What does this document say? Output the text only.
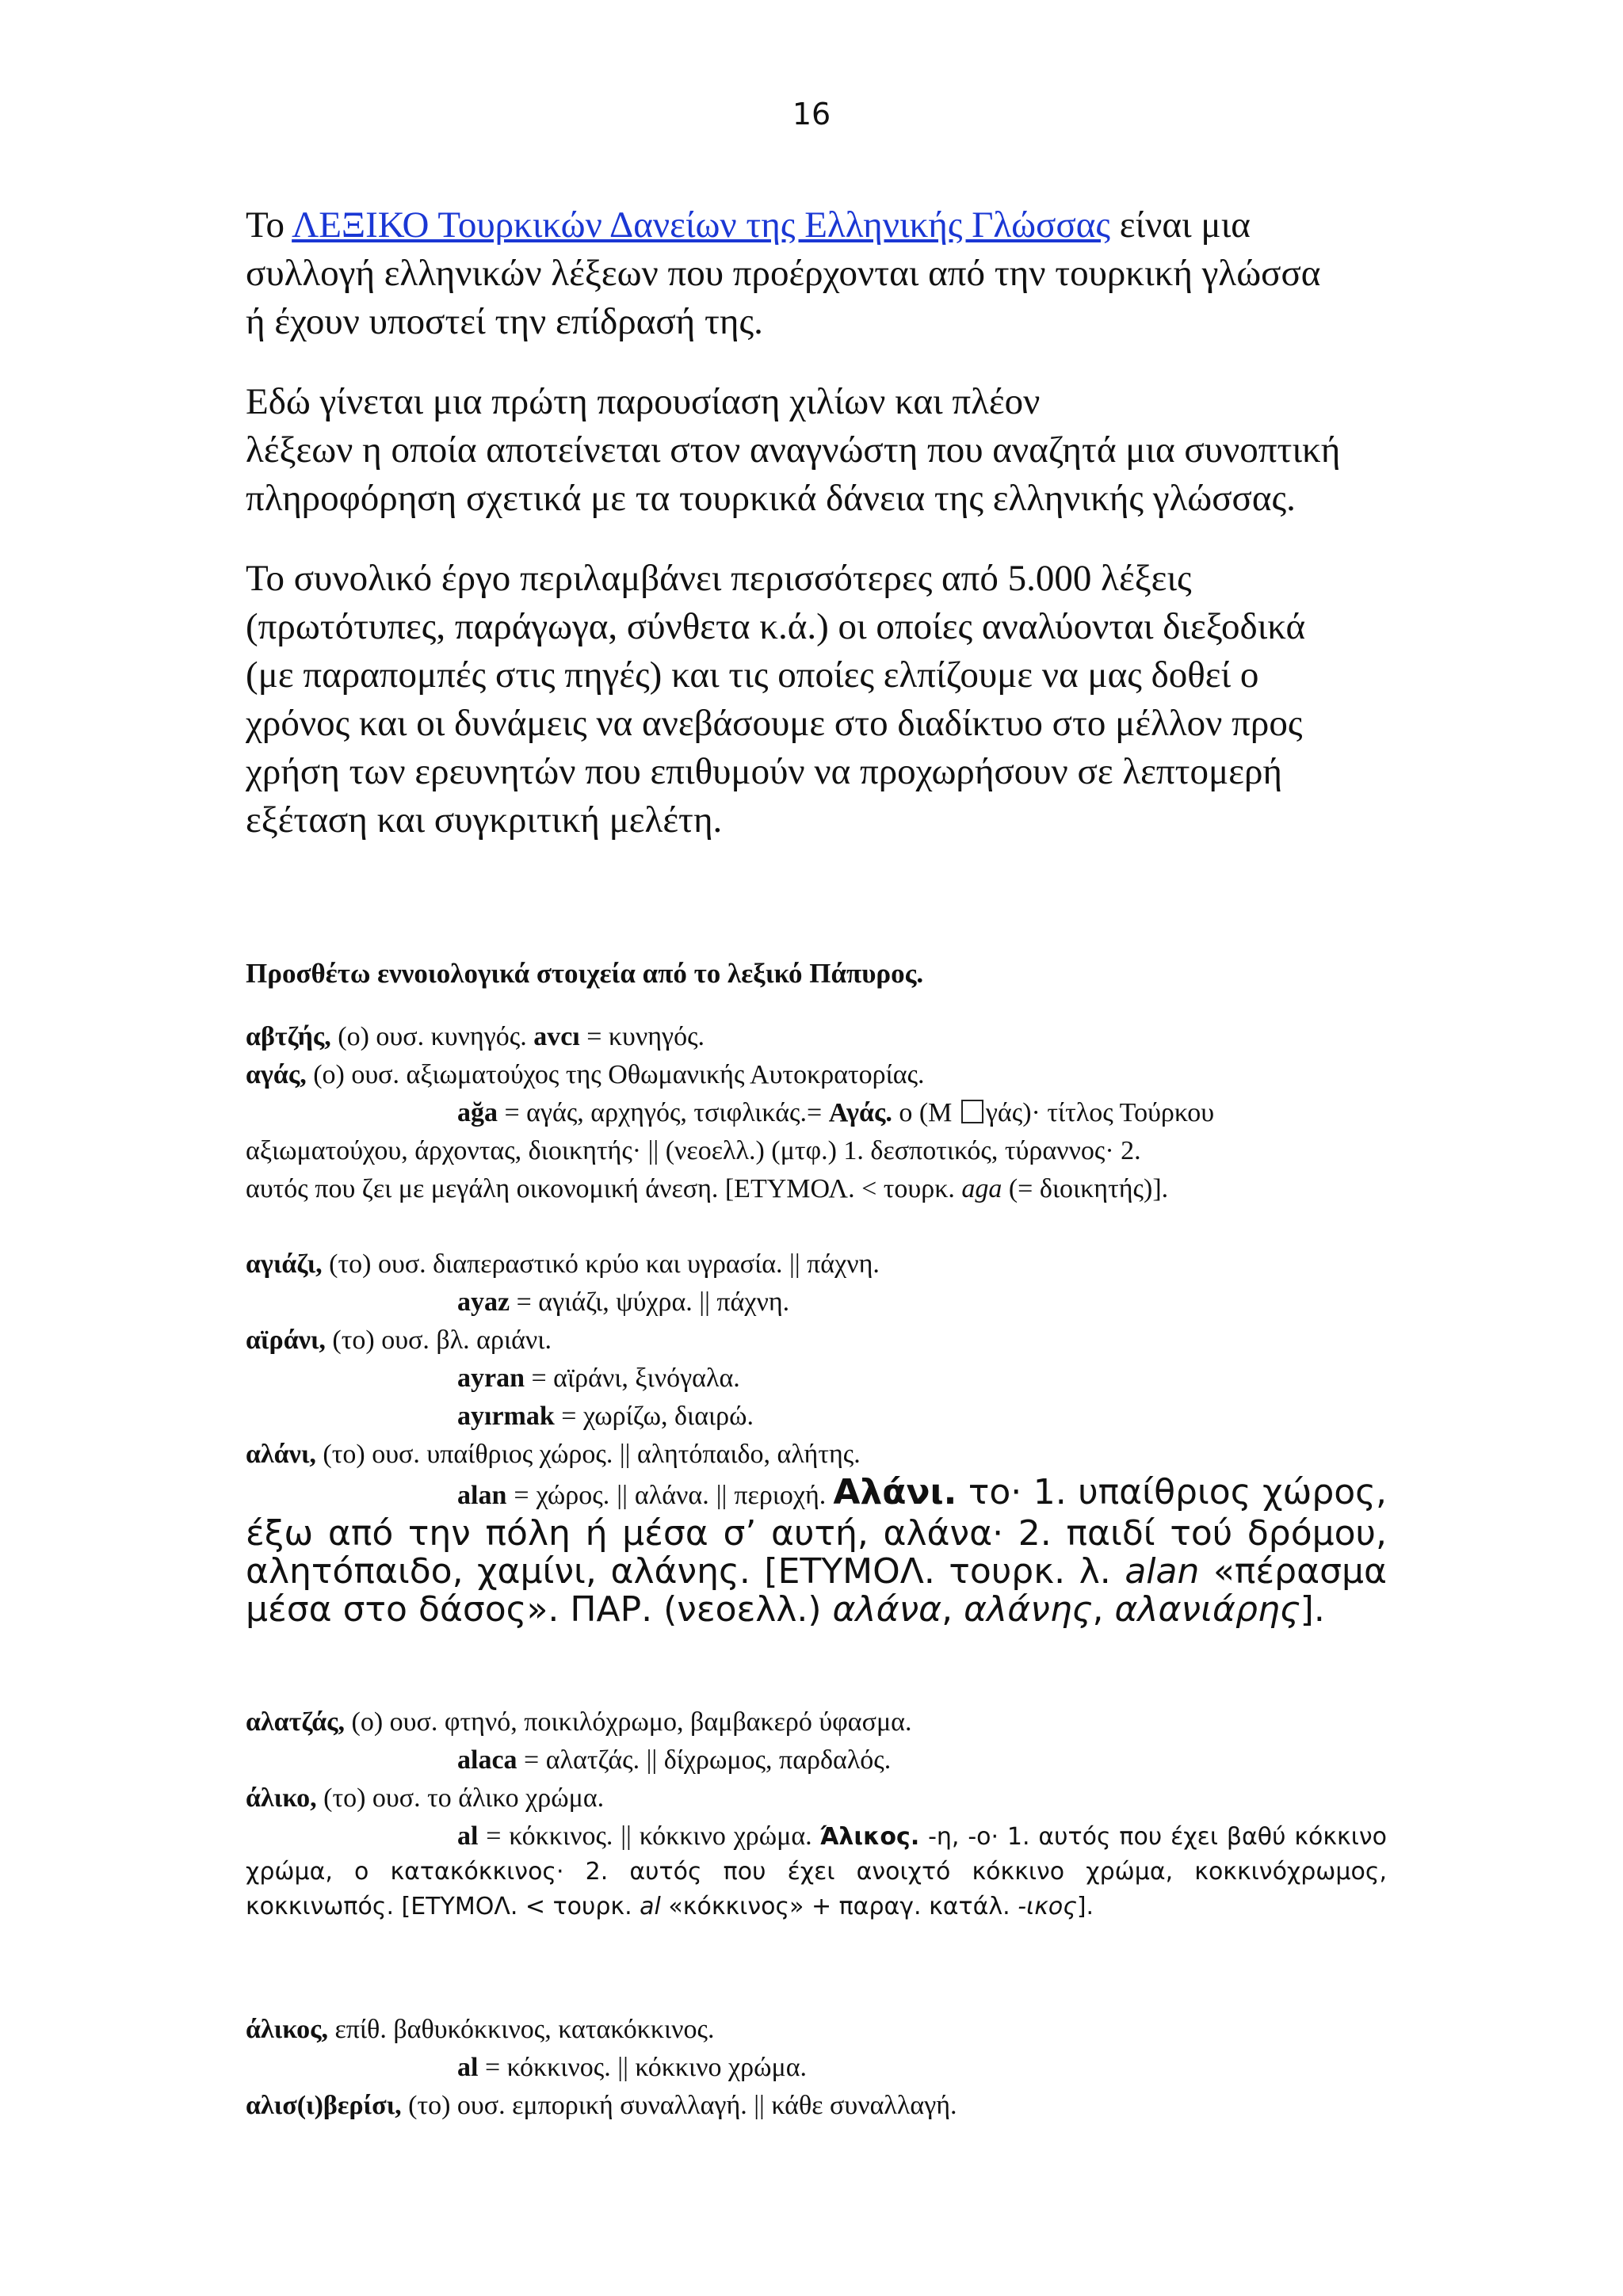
16

Το ΛΕΞΙΚΟ Τουρκικών Δανείων της Ελληνικής Γλώσσας είναι μια

συλλογή ελληνικών λέξεων που προέρχονται από την τουρκική γλώσσα

ή έχουν υποστεί την επίδρασή της.

Εδώ γίνεται μια πρώτη παρουσίαση χιλίων και πλέον

λέξεων η οποία αποτείνεται στον αναγνώστη που αναζητά μια συνοπτική

πληροφόρηση σχετικά με τα τουρκικά δάνεια της ελληνικής γλώσσας.

Το συνολικό έργο περιλαμβάνει περισσότερες από 5.000 λέξεις

(πρωτότυπες, παράγωγα, σύνθετα κ.ά.) οι οποίες αναλύονται διεξοδικά

(με παραπομπές στις πηγές) και τις οποίες ελπίζουμε να μας δοθεί ο

χρόνος και οι δυνάμεις να ανεβάσουμε στο διαδίκτυο στο μέλλον προς

χρήση των ερευνητών που επιθυμούν να προχωρήσουν σε λεπτομερή

εξέταση και συγκριτική μελέτη.

Προσθέτω εννοιολογικά στοιχεία από το λεξικό Πάπυρος.
αβτζής, (ο) ουσ. κυνηγός. avcı = κυνηγός.
αγάς, (ο) ουσ. αξιωματούχος της Οθωμανικής Αυτοκρατορίας.
ağa = αγάς, αρχηγός, τσιφλικάς.= Αγάς. ο (Μ γάς)· τίτλος Τούρκου
αξιωματούχου, άρχοντας, διοικητής· || (νεοελλ.) (μτφ.) 1. δεσποτικός, τύραννος· 2.
αυτός που ζει με μεγάλη οικονομική άνεση. [ΕΤΥΜΟΛ. < τουρκ. aga (= διοικητής)].
αγιάζι, (το) ουσ. διαπεραστικό κρύο και υγρασία. || πάχνη.
ayaz = αγιάζι, ψύχρα. || πάχνη.
αϊράνι, (το) ουσ. βλ. αριάνι.
ayran = αϊράνι, ξινόγαλα.
ayırmak = χωρίζω, διαιρώ.
αλάνι, (το) ουσ. υπαίθριος χώρος. || αλητόπαιδο, αλήτης.
alan = χώρος. || αλάνα. || περιοχή. Αλάνι. το· 1. υπαίθριος χώρος, έξω από την πόλη ή μέσα σ’ αυτή, αλάνα· 2. παιδί τού δρόμου, αλητόπαιδο, χαμίνι, αλάνης. [ΕΤΥΜΟΛ. τουρκ. λ. alan «πέρασμα μέσα στο δάσος». ΠΑΡ. (νεοελλ.) αλάνα, αλάνης, αλανιάρης].
αλατζάς, (ο) ουσ. φτηνό, ποικιλόχρωμο, βαμβακερό ύφασμα.
alaca = αλατζάς. || δίχρωμος, παρδαλός.
άλικο, (το) ουσ. το άλικο χρώμα.
al = κόκκινος. || κόκκινο χρώμα. Άλικος. -η, -ο· 1. αυτός που έχει βαθύ κόκκινο χρώμα, ο κατακόκκινος· 2. αυτός που έχει ανοιχτό κόκκινο χρώμα, κοκκινόχρωμος, κοκκινωπός. [ΕΤΥΜΟΛ. < τουρκ. al «κόκκινος» + παραγ. κατάλ. -ικος].
άλικος, επίθ. βαθυκόκκινος, κατακόκκινος.
al = κόκκινος. || κόκκινο χρώμα.
αλισ(ι)βερίσι, (το) ουσ. εμπορική συναλλαγή. || κάθε συναλλαγή.
